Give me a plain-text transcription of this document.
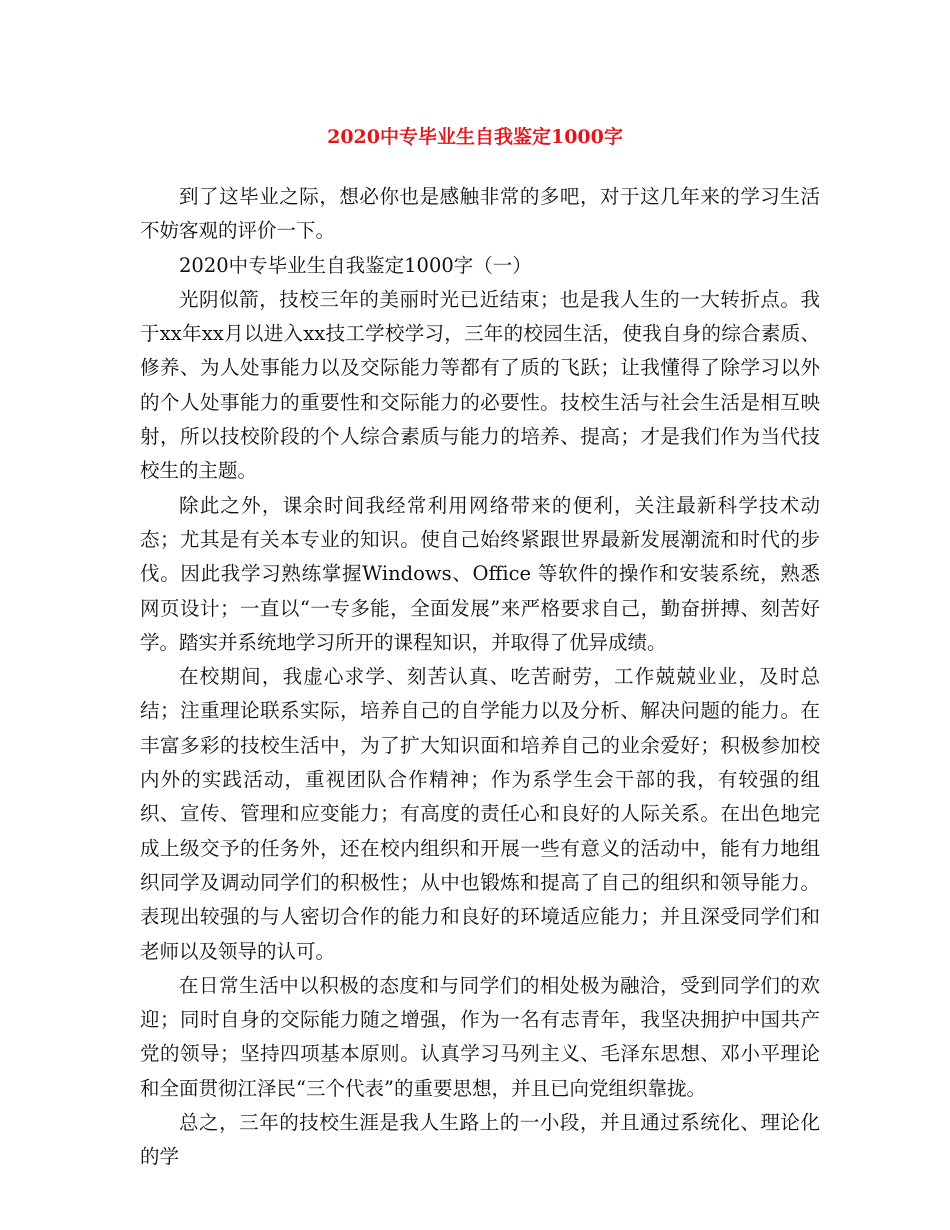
2020中专毕业生自我鉴定1000字

到了这毕业之际，想必你也是感触非常的多吧，对于这几年来的学习生活不妨客观的评价一下。

2020中专毕业生自我鉴定1000字（一）

光阴似箭，技校三年的美丽时光已近结束；也是我人生的一大转折点。我于xx年xx月以进入xx技工学校学习，三年的校园生活，使我自身的综合素质、修养、为人处事能力以及交际能力等都有了质的飞跃；让我懂得了除学习以外的个人处事能力的重要性和交际能力的必要性。技校生活与社会生活是相互映射，所以技校阶段的个人综合素质与能力的培养、提高；才是我们作为当代技校生的主题。

除此之外，课余时间我经常利用网络带来的便利，关注最新科学技术动态；尤其是有关本专业的知识。使自己始终紧跟世界最新发展潮流和时代的步伐。因此我学习熟练掌握Windows、Office 等软件的操作和安装系统，熟悉网页设计；一直以“一专多能，全面发展”来严格要求自己，勤奋拼搏、刻苦好学。踏实并系统地学习所开的课程知识，并取得了优异成绩。

在校期间，我虚心求学、刻苦认真、吃苦耐劳，工作兢兢业业，及时总结；注重理论联系实际，培养自己的自学能力以及分析、解决问题的能力。在丰富多彩的技校生活中，为了扩大知识面和培养自己的业余爱好；积极参加校内外的实践活动，重视团队合作精神；作为系学生会干部的我，有较强的组织、宣传、管理和应变能力；有高度的责任心和良好的人际关系。在出色地完成上级交予的任务外，还在校内组织和开展一些有意义的活动中，能有力地组织同学及调动同学们的积极性；从中也锻炼和提高了自己的组织和领导能力。表现出较强的与人密切合作的能力和良好的环境适应能力；并且深受同学们和老师以及领导的认可。

在日常生活中以积极的态度和与同学们的相处极为融洽，受到同学们的欢迎；同时自身的交际能力随之增强，作为一名有志青年，我坚决拥护中国共产党的领导；坚持四项基本原则。认真学习马列主义、毛泽东思想、邓小平理论和全面贯彻江泽民“三个代表”的重要思想，并且已向党组织靠拢。

总之，三年的技校生涯是我人生路上的一小段，并且通过系统化、理论化的学
